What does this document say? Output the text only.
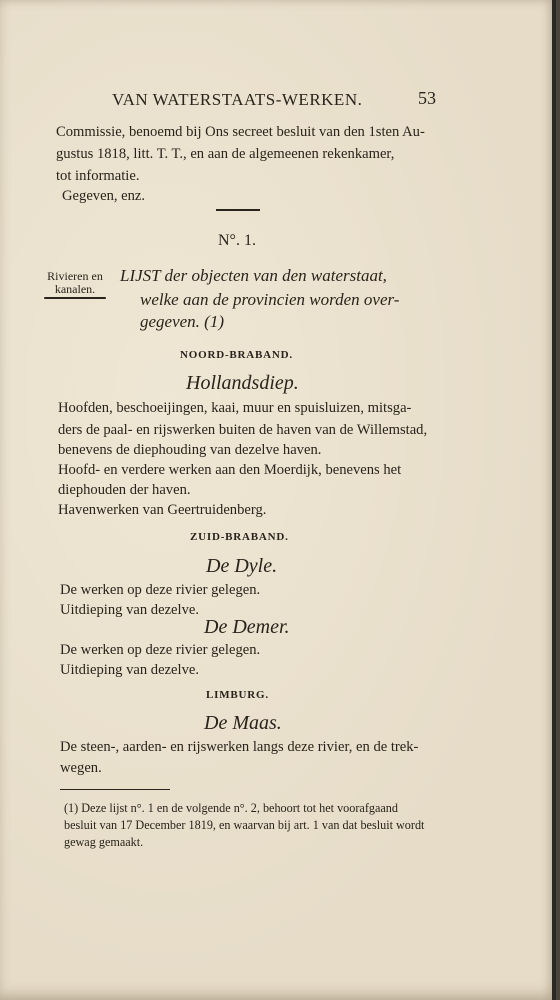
VAN WATERSTAATS-WERKEN.	53
Commissie, benoemd bij Ons secreet besluit van den 1sten Au-
gustus 1818, litt. T. T., en aan de algemeenen rekenkamer,
tot informatie.
Gegeven, enz.
N°. 1.
Rivieren en
kanalen.
LIJST der objecten van den waterstaat,
welke aan de provincien worden over-
gegeven. (1)
NOORD-BRABAND.
Hollandsdiep.
Hoofden, beschoeijingen, kaai, muur en spuisluizen, mitsga-
ders de paal- en rijswerken buiten de haven van de Willemstad,
benevens de diephouding van dezelve haven.
Hoofd- en verdere werken aan den Moerdijk, benevens het
diephouden der haven.
Havenwerken van Geertruidenberg.
ZUID-BRABAND.
De Dyle.
De werken op deze rivier gelegen.
Uitdieping van dezelve.
De Demer.
De werken op deze rivier gelegen.
Uitdieping van dezelve.
LIMBURG.
De Maas.
De steen-, aarden- en rijswerken langs deze rivier, en de trek-
wegen.
(1) Deze lijst n°. 1 en de volgende n°. 2, behoort tot het voorafgaand
besluit van 17 December 1819, en waarvan bij art. 1 van dat besluit wordt
gewag gemaakt.
